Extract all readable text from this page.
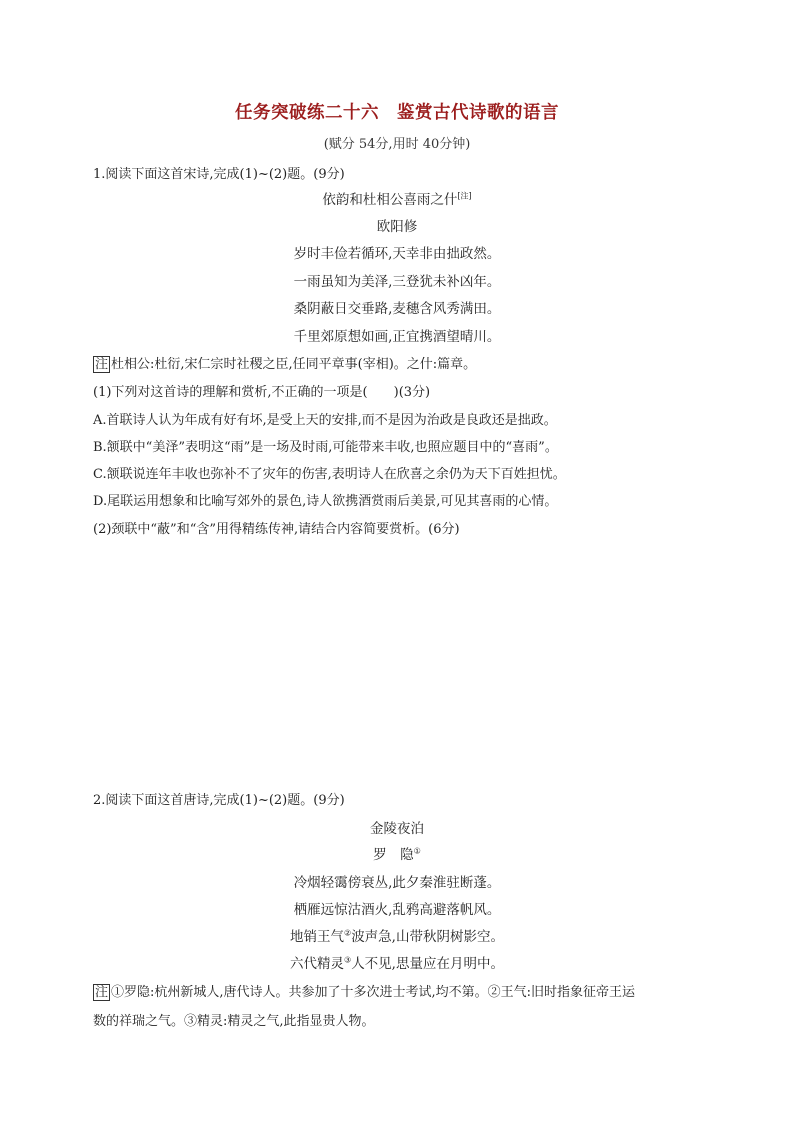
任务突破练二十六　鉴赏古代诗歌的语言
(赋分 54分,用时 40分钟)
1.阅读下面这首宋诗,完成(1)~(2)题。(9分)
依韵和杜相公喜雨之什[注]
欧阳修
岁时丰俭若循环,天幸非由拙政然。
一雨虽知为美泽,三登犹未补凶年。
桑阴蔽日交垂路,麦穗含风秀满田。
千里郊原想如画,正宜携酒望晴川。
注 杜相公:杜衍,宋仁宗时社稷之臣,任同平章事(宰相)。之什:篇章。
(1)下列对这首诗的理解和赏析,不正确的一项是(　　)(3分)
A.首联诗人认为年成有好有坏,是受上天的安排,而不是因为治政是良政还是拙政。
B.颔联中“美泽”表明这“雨”是一场及时雨,可能带来丰收,也照应题目中的“喜雨”。
C.颔联说连年丰收也弥补不了灾年的伤害,表明诗人在欣喜之余仍为天下百姓担忧。
D.尾联运用想象和比喻写郊外的景色,诗人欲携酒赏雨后美景,可见其喜雨的心情。
(2)颈联中“蔽”和“含”用得精练传神,请结合内容简要赏析。(6分)
2.阅读下面这首唐诗,完成(1)~(2)题。(9分)
金陵夜泊
罗　隐①
冷烟轻霭傍衰丛,此夕秦淮驻断蓬。
栖雁远惊沽酒火,乱鸦高避落帆风。
地销王气②波声急,山带秋阴树影空。
六代精灵③人不见,思量应在月明中。
注 ①罗隐:杭州新城人,唐代诗人。共参加了十多次进士考试,均不第。②王气:旧时指象征帝王运
数的祥瑞之气。③精灵:精灵之气,此指显贵人物。
